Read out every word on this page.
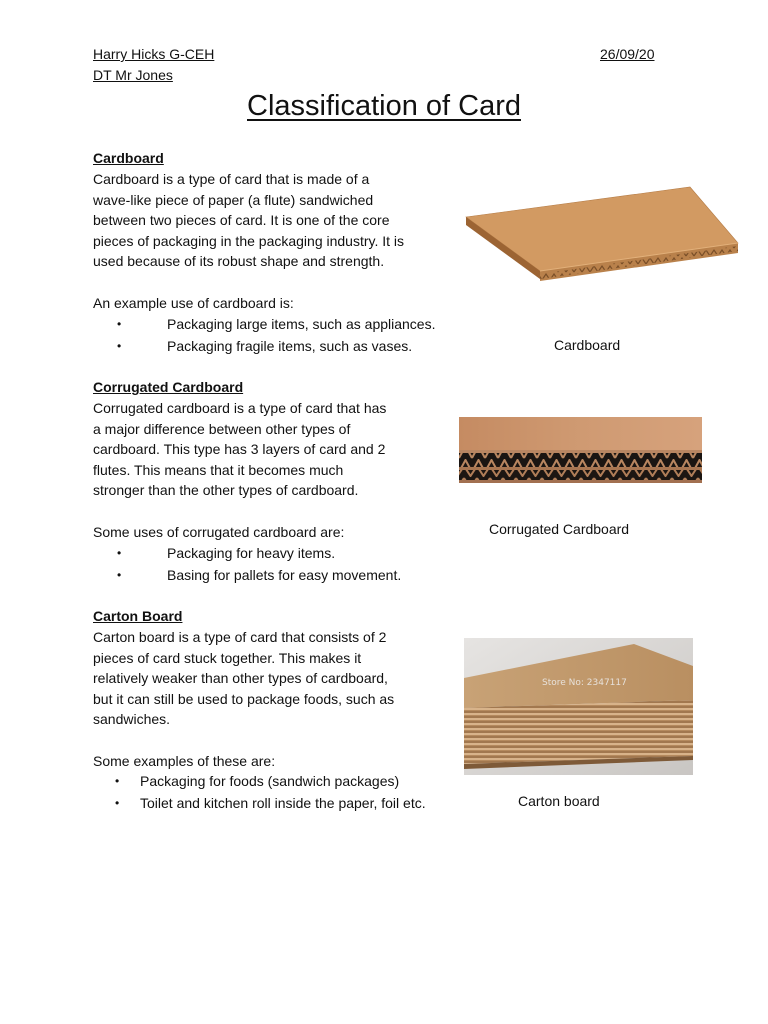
Harry Hicks G-CEH	26/09/20
DT Mr Jones
Classification of Card
Cardboard
Cardboard is a type of card that is made of a
wave-like piece of paper (a flute) sandwiched
between two pieces of card. It is one of the core
pieces of packaging in the packaging industry. It is
used because of its robust shape and strength.
An example use of cardboard is:
•	Packaging large items, such as appliances.
•	Packaging fragile items, such as vases.	Cardboard
Corrugated Cardboard
Corrugated cardboard is a type of card that has
a major difference between other types of
cardboard. This type has 3 layers of card and 2
flutes. This means that it becomes much
stronger than the other types of cardboard.
Some uses of corrugated cardboard are:
•	Packaging for heavy items.
•	Basing for pallets for easy movement.
Corrugated Cardboard
Carton Board
Carton board is a type of card that consists of 2
pieces of card stuck together. This makes it
relatively weaker than other types of cardboard,
but it can still be used to package foods, such as
sandwiches.
Some examples of these are:
• Packaging for foods (sandwich packages)
• Toilet and kitchen roll inside the paper, foil etc.
Store No: 2347117
Carton board
